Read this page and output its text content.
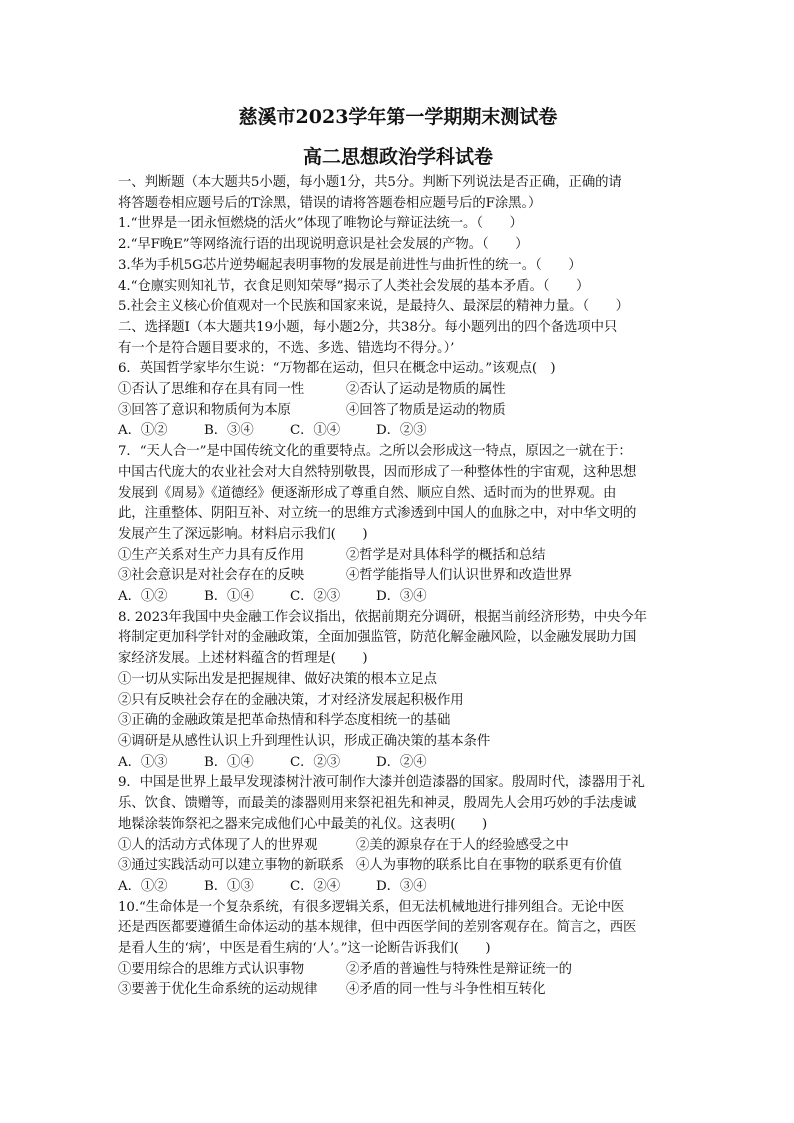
慈溪市2023学年第一学期期末测试卷
高二思想政治学科试卷
一、判断题（本大题共5小题，每小题1分，共5分。判断下列说法是否正确，正确的请
将答题卷相应题号后的T涂黑，错误的请将答题卷相应题号后的F涂黑。）
1.“世界是一团永恒燃烧的活火”体现了唯物论与辩证法统一。（　　）
2.“早F晚E”等网络流行语的出现说明意识是社会发展的产物。（　　）
3.华为手机5G芯片逆势崛起表明事物的发展是前进性与曲折性的统一。（　　）
4.“仓廪实则知礼节，衣食足则知荣辱”揭示了人类社会发展的基本矛盾。（　　）
5.社会主义核心价值观对一个民族和国家来说，是最持久、最深层的精神力量。（　　）
二、选择题Ⅰ（本大题共19小题，每小题2分，共38分。每小题列出的四个备选项中只
有一个是符合题目要求的，不选、多选、错选均不得分。）’
6．英国哲学家毕尔生说：“万物都在运动，但只在概念中运动。”该观点(　)
①否认了思维和存在具有同一性	②否认了运动是物质的属性
③回答了意识和物质何为本原	④回答了物质是运动的物质
A．①②	B．③④	C．①④	D．②③
7．“天人合一”是中国传统文化的重要特点。之所以会形成这一特点，原因之一就在于：
中国古代庞大的农业社会对大自然特别敬畏，因而形成了一种整体性的宇宙观，这种思想
发展到《周易》《道德经》便逐渐形成了尊重自然、顺应自然、适时而为的世界观。由
此，注重整体、阴阳互补、对立统一的思维方式渗透到中国人的血脉之中，对中华文明的
发展产生了深远影响。材料启示我们(　　)
①生产关系对生产力具有反作用	②哲学是对具体科学的概括和总结
③社会意识是对社会存在的反映	④哲学能指导人们认识世界和改造世界
A．①②	B．①④	C．②③	D．③④
8. 2023年我国中央金融工作会议指出，依据前期充分调研，根据当前经济形势，中央今年
将制定更加科学针对的金融政策，全面加强监管，防范化解金融风险，以金融发展助力国
家经济发展。上述材料蕴含的哲理是(　　)
①一切从实际出发是把握规律、做好决策的根本立足点
②只有反映社会存在的金融决策，才对经济发展起积极作用
③正确的金融政策是把革命热情和科学态度相统一的基础
④调研是从感性认识上升到理性认识，形成正确决策的基本条件
A．①③	B．①④	C．②③	D．②④
9．中国是世界上最早发现漆树汁液可制作大漆并创造漆器的国家。殷周时代，漆器用于礼
乐、饮食、馈赠等，而最美的漆器则用来祭祀祖先和神灵，殷周先人会用巧妙的手法虔诚
地髹涂装饰祭祀之器来完成他们心中最美的礼仪。这表明(　　)
①人的活动方式体现了人的世界观	②美的源泉存在于人的经验感受之中
③通过实践活动可以建立事物的新联系 ④人为事物的联系比自在事物的联系更有价值
A．①②	B．①③	C．②④	D．③④
10.“生命体是一个复杂系统，有很多逻辑关系，但无法机械地进行排列组合。无论中医
还是西医都要遵循生命体运动的基本规律，但中西医学间的差别客观存在。简言之，西医
是看人生的‘病’，中医是看生病的‘人’。”这一论断告诉我们(　　)
①要用综合的思维方式认识事物	②矛盾的普遍性与特殊性是辩证统一的
③要善于优化生命系统的运动规律	④矛盾的同一性与斗争性相互转化
